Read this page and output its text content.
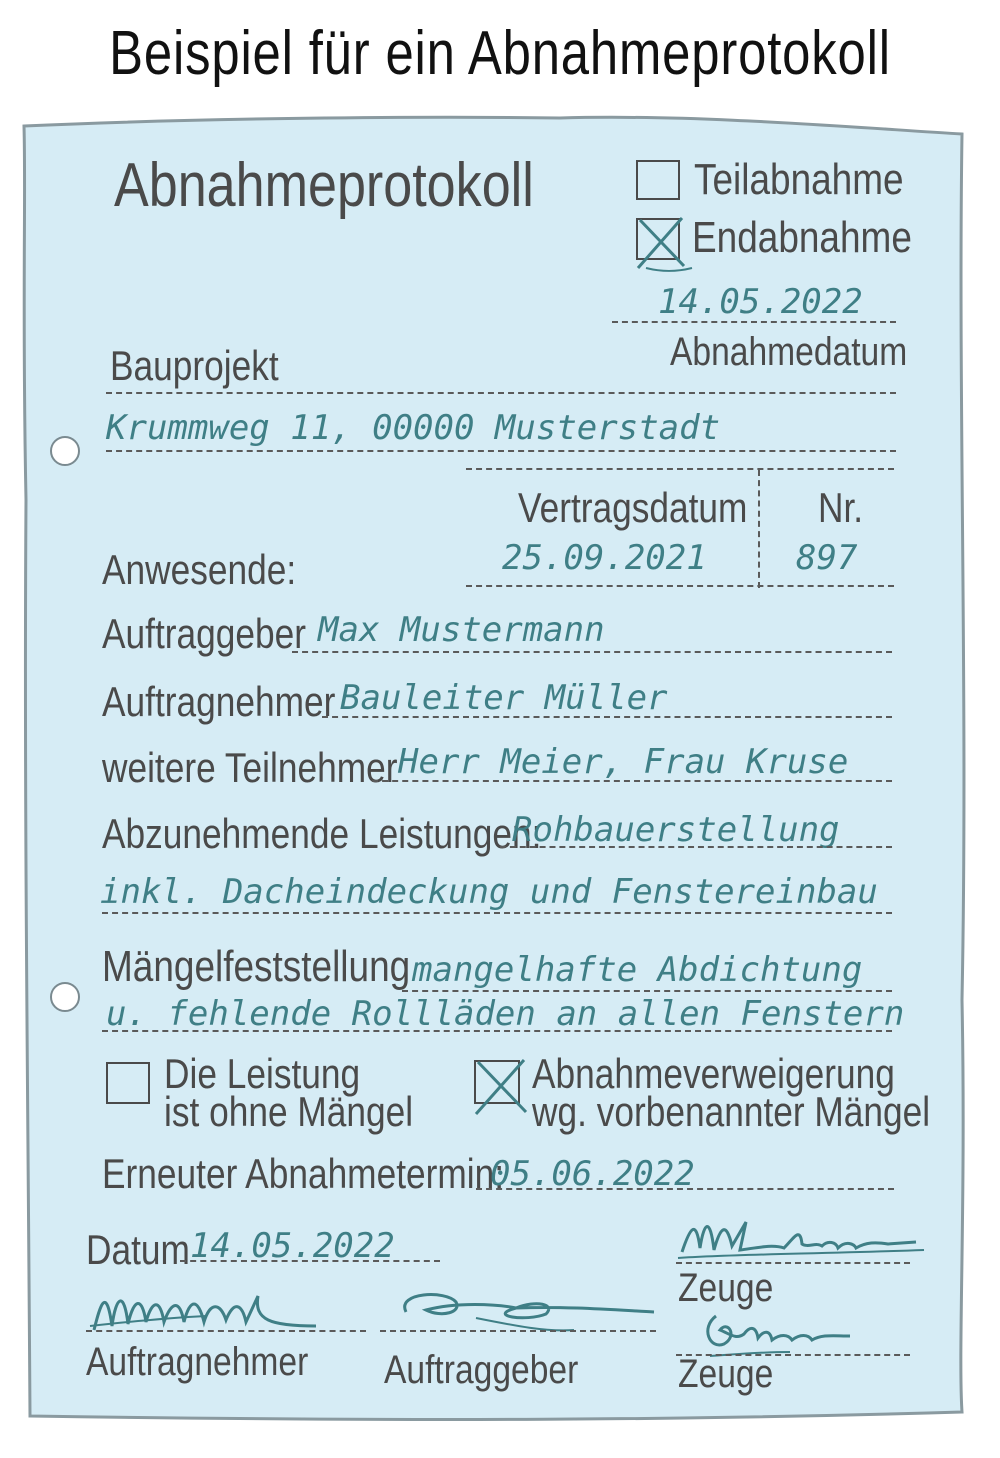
Beispiel für ein Abnahmeprotokoll
Abnahmeprotokoll	Teilabnahme
Endabnahme
14.05.2022
Abnahmedatum
Bauprojekt
Krummweg 11, 00000 Musterstadt
Vertragsdatum Nr.
25.09.2021	897
Anwesende:
Auftraggeber Max Mustermann
Auftragnehmer Bauleiter Müller
weitere Teilnehmer Herr Meier, Frau Kruse
Abzunehmende Leistungen:
Rohbauerstellung
inkl. Dacheindeckung und Fenstereinbau
Mängelfeststellung mangelhafte Abdichtung
u. fehlende Rollläden an allen Fenstern
Die Leistung
ist ohne Mängel
Abnahmeverweigerung
wg. vorbenannter Mängel
Erneuter Abnahmetermin:
05.06.2022
Datum 14.05.2022
Zeuge
Auftragnehmer Auftraggeber Zeuge
